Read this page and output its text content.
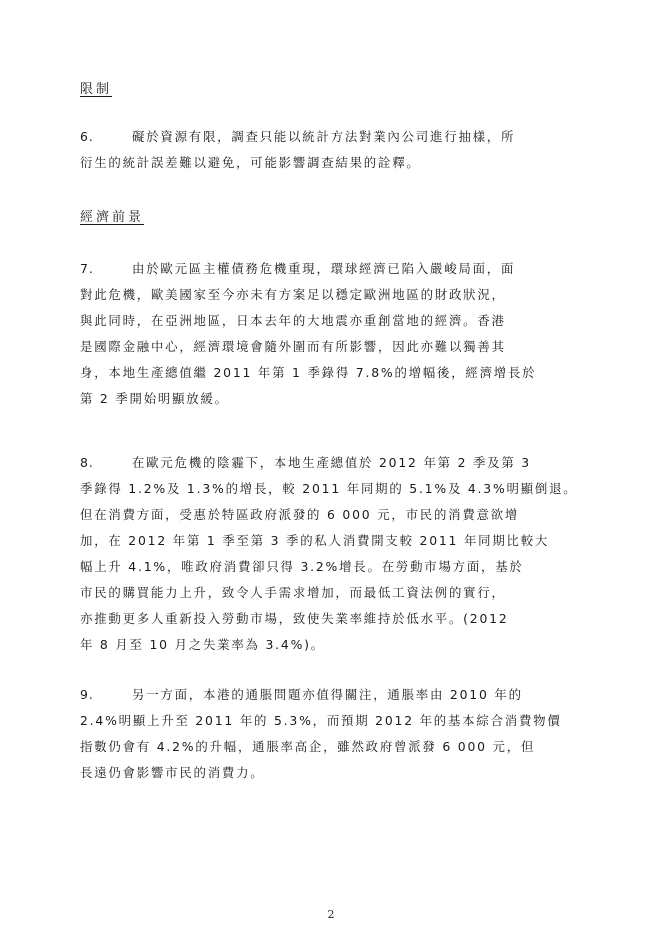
限制
6.	礙於資源有限，調查只能以統計方法對業內公司進行抽樣，所
衍生的統計誤差難以避免，可能影響調查結果的詮釋。
經濟前景
7.	由於歐元區主權債務危機重現，環球經濟已陷入嚴峻局面，面
對此危機，歐美國家至今亦未有方案足以穩定歐洲地區的財政狀況，
與此同時，在亞洲地區，日本去年的大地震亦重創當地的經濟。香港
是國際金融中心，經濟環境會隨外圍而有所影響，因此亦難以獨善其
身，本地生產總值繼 2011 年第 1 季錄得 7.8%的增幅後，經濟增長於
第 2 季開始明顯放緩。
8.	在歐元危機的陰霾下，本地生產總值於 2012 年第 2 季及第 3
季錄得 1.2%及 1.3%的增長，較 2011 年同期的 5.1%及 4.3%明顯倒退。
但在消費方面，受惠於特區政府派發的 6 000 元，市民的消費意欲增
加，在 2012 年第 1 季至第 3 季的私人消費開支較 2011 年同期比較大
幅上升 4.1%，唯政府消費卻只得 3.2%增長。在勞動市場方面，基於
市民的購買能力上升，致令人手需求增加，而最低工資法例的實行，
亦推動更多人重新投入勞動市場，致使失業率維持於低水平。(2012
年 8 月至 10 月之失業率為 3.4%)。
9.	另一方面，本港的通脹問題亦值得關注，通脹率由 2010 年的
2.4%明顯上升至 2011 年的 5.3%，而預期 2012 年的基本綜合消費物價
指數仍會有 4.2%的升幅，通脹率高企，雖然政府曾派發 6 000 元，但
長遠仍會影響市民的消費力。
2
